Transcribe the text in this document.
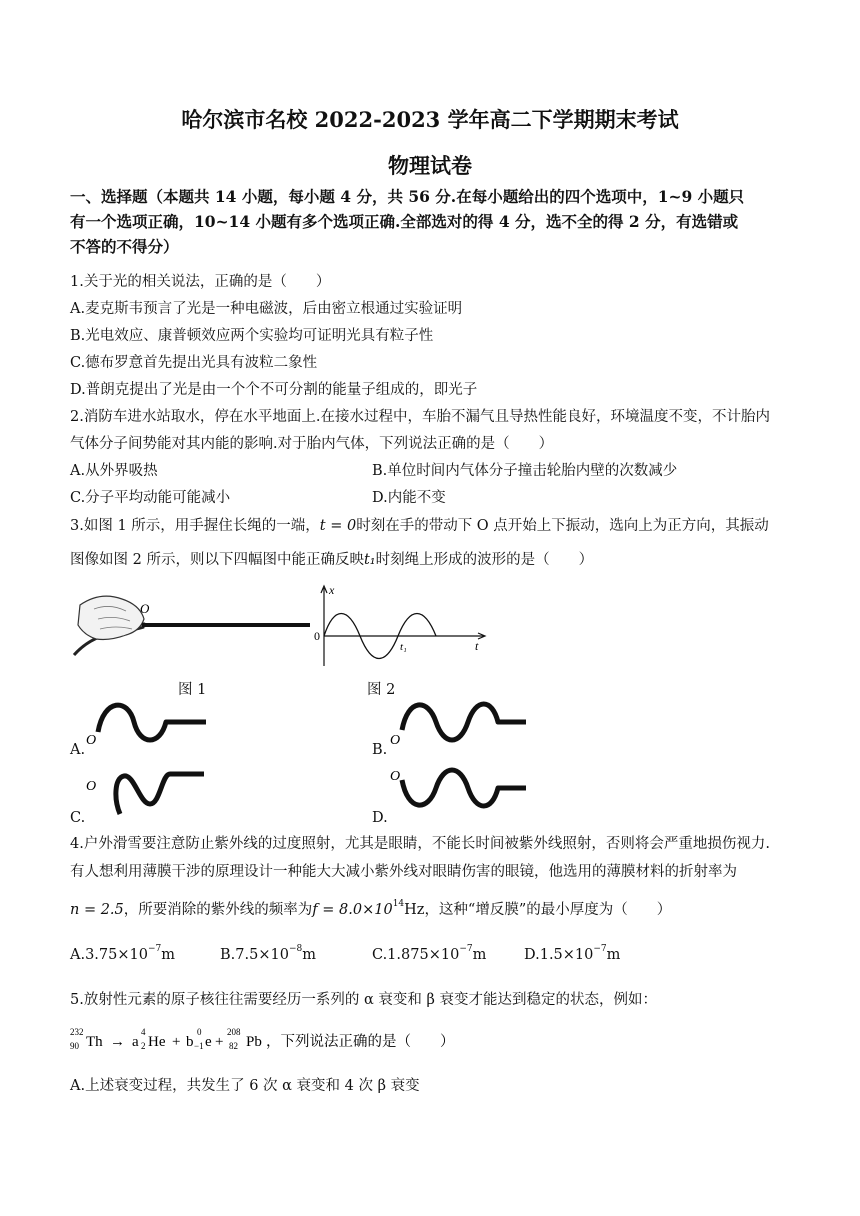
哈尔滨市名校 2022-2023 学年高二下学期期末考试
物理试卷
一、选择题（本题共 14 小题，每小题 4 分，共 56 分.在每小题给出的四个选项中，1~9 小题只
有一个选项正确，10~14 小题有多个选项正确.全部选对的得 4 分，选不全的得 2 分，有选错或
不答的不得分）
1.关于光的相关说法，正确的是（　　）
A.麦克斯韦预言了光是一种电磁波，后由密立根通过实验证明
B.光电效应、康普顿效应两个实验均可证明光具有粒子性
C.德布罗意首先提出光具有波粒二象性
D.普朗克提出了光是由一个个不可分割的能量子组成的，即光子
2.消防车进水站取水，停在水平地面上.在接水过程中，车胎不漏气且导热性能良好，环境温度不变，不计胎内
气体分子间势能对其内能的影响.对于胎内气体，下列说法正确的是（　　）
A.从外界吸热	B.单位时间内气体分子撞击轮胎内壁的次数减少
C.分子平均动能可能减小	D.内能不变
3.如图 1 所示，用手握住长绳的一端，t = 0时刻在手的带动下 O 点开始上下振动，选向上为正方向，其振动
图像如图 2 所示，则以下四幅图中能正确反映t₁时刻绳上形成的波形的是（　　）
O
图 1
t
x
0
t₁
图 2
O
A.
O
B.
O
C.
O
D.
4.户外滑雪要注意防止紫外线的过度照射，尤其是眼睛，不能长时间被紫外线照射，否则将会严重地损伤视力.
有人想利用薄膜干涉的原理设计一种能大大减小紫外线对眼睛伤害的眼镜，他选用的薄膜材料的折射率为
n = 2.5，所要消除的紫外线的频率为$f = 8.0\times 10^{14}Hz$，这种“增反膜”的最小厚度为（　　）
$A.3.75\times 10^{-7}m$	$B.7.5\times 10^{-8}m$	$C.1.875\times 10^{-7}m$	$D.1.5\times 10^{-7}m$
5.放射性元素的原子核往往需要经历一系列的 α 衰变和 β 衰变才能达到稳定的状态，例如：
232
90 Th → a
4
2 He + b
0
−1 e +
208
82 Pb ，下列说法正确的是（　　）
A.上述衰变过程，共发生了 6 次 α 衰变和 4 次 β 衰变
